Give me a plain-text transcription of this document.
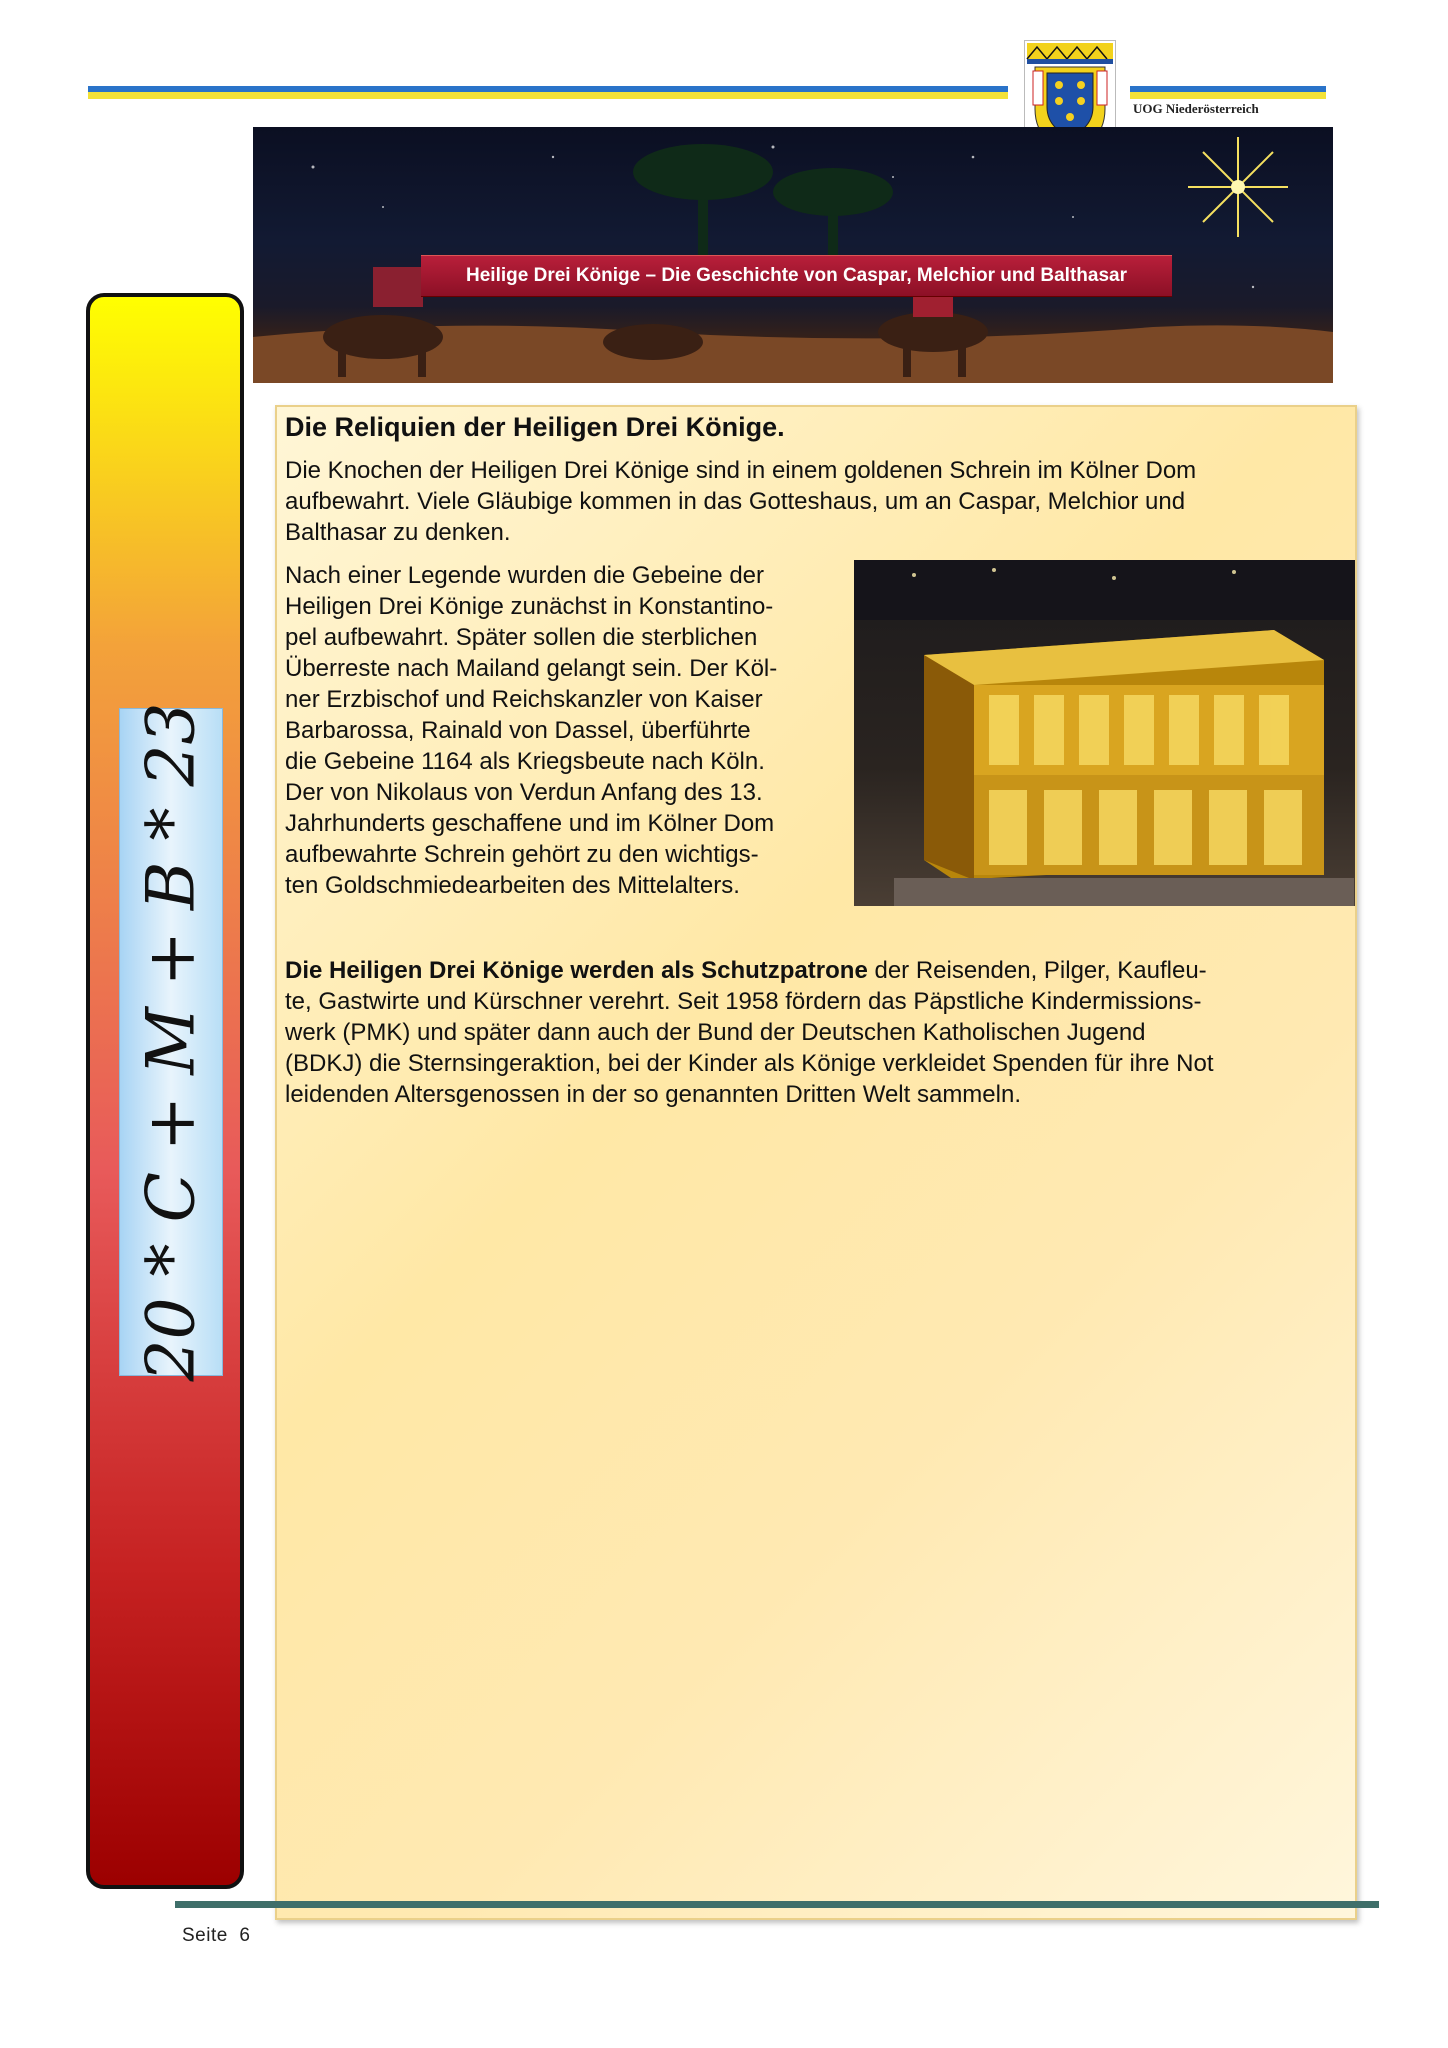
UOG Niederösterreich
Heilige Drei Könige – Die Geschichte von Caspar, Melchior und Balthasar
20 * C + M + B * 23
Die Reliquien der Heiligen Drei Könige.
Die Knochen der Heiligen Drei Könige sind in einem goldenen Schrein im Kölner Dom
aufbewahrt. Viele Gläubige kommen in das Gotteshaus, um an Caspar, Melchior und
Balthasar zu denken.
Nach einer Legende wurden die Gebeine der
Heiligen Drei Könige zunächst in Konstantino-
pel aufbewahrt. Später sollen die sterblichen
Überreste nach Mailand gelangt sein. Der Köl-
ner Erzbischof und Reichskanzler von Kaiser
Barbarossa, Rainald von Dassel, überführte
die Gebeine 1164 als Kriegsbeute nach Köln.
Der von Nikolaus von Verdun Anfang des 13.
Jahrhunderts geschaffene und im Kölner Dom
aufbewahrte Schrein gehört zu den wichtigs-
ten Goldschmiedearbeiten des Mittelalters.
Die Heiligen Drei Könige werden als Schutzpatrone der Reisenden, Pilger, Kaufleu-
te, Gastwirte und Kürschner verehrt. Seit 1958 fördern das Päpstliche Kindermissions-
werk (PMK) und später dann auch der Bund der Deutschen Katholischen Jugend
(BDKJ) die Sternsingeraktion, bei der Kinder als Könige verkleidet Spenden für ihre Not
leidenden Altersgenossen in der so genannten Dritten Welt sammeln.
Seite  6
